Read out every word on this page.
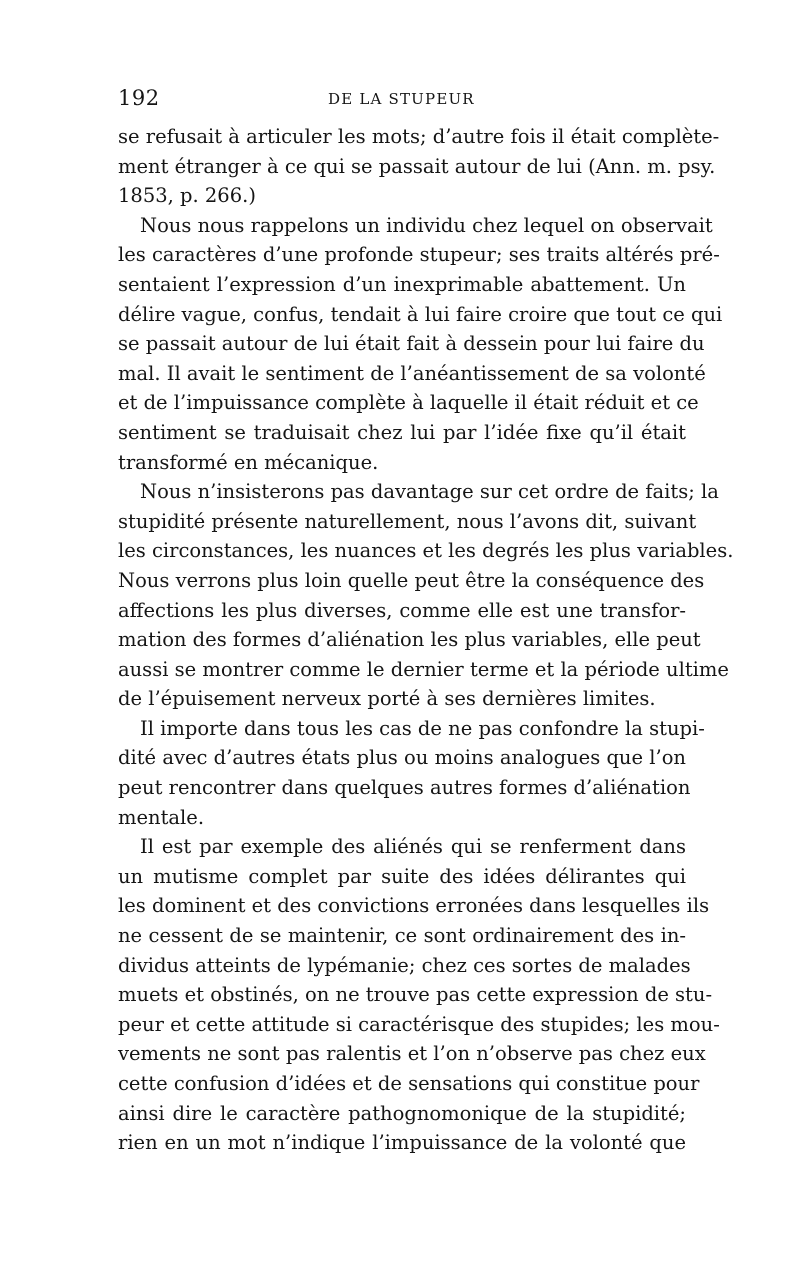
192	DE LA STUPEUR
se refusait à articuler les mots; d’autre fois il était complète-
ment étranger à ce qui se passait autour de lui (Ann. m. psy.
1853, p. 266.)
Nous nous rappelons un individu chez lequel on observait
les caractères d’une profonde stupeur; ses traits altérés pré-
sentaient l’expression d’un inexprimable abattement. Un
délire vague, confus, tendait à lui faire croire que tout ce qui
se passait autour de lui était fait à dessein pour lui faire du
mal. Il avait le sentiment de l’anéantissement de sa volonté
et de l’impuissance complète à laquelle il était réduit et ce
sentiment se traduisait chez lui par l’idée fixe qu’il était
transformé en mécanique.
Nous n’insisterons pas davantage sur cet ordre de faits; la
stupidité présente naturellement, nous l’avons dit, suivant
les circonstances, les nuances et les degrés les plus variables.
Nous verrons plus loin quelle peut être la conséquence des
affections les plus diverses, comme elle est une transfor-
mation des formes d’aliénation les plus variables, elle peut
aussi se montrer comme le dernier terme et la période ultime
de l’épuisement nerveux porté à ses dernières limites.
Il importe dans tous les cas de ne pas confondre la stupi-
dité avec d’autres états plus ou moins analogues que l’on
peut rencontrer dans quelques autres formes d’aliénation
mentale.
Il est par exemple des aliénés qui se renferment dans
un mutisme complet par suite des idées délirantes qui
les dominent et des convictions erronées dans lesquelles ils
ne cessent de se maintenir, ce sont ordinairement des in-
dividus atteints de lypémanie; chez ces sortes de malades
muets et obstinés, on ne trouve pas cette expression de stu-
peur et cette attitude si caractérisque des stupides; les mou-
vements ne sont pas ralentis et l’on n’observe pas chez eux
cette confusion d’idées et de sensations qui constitue pour
ainsi dire le caractère pathognomonique de la stupidité;
rien en un mot n’indique l’impuissance de la volonté que
